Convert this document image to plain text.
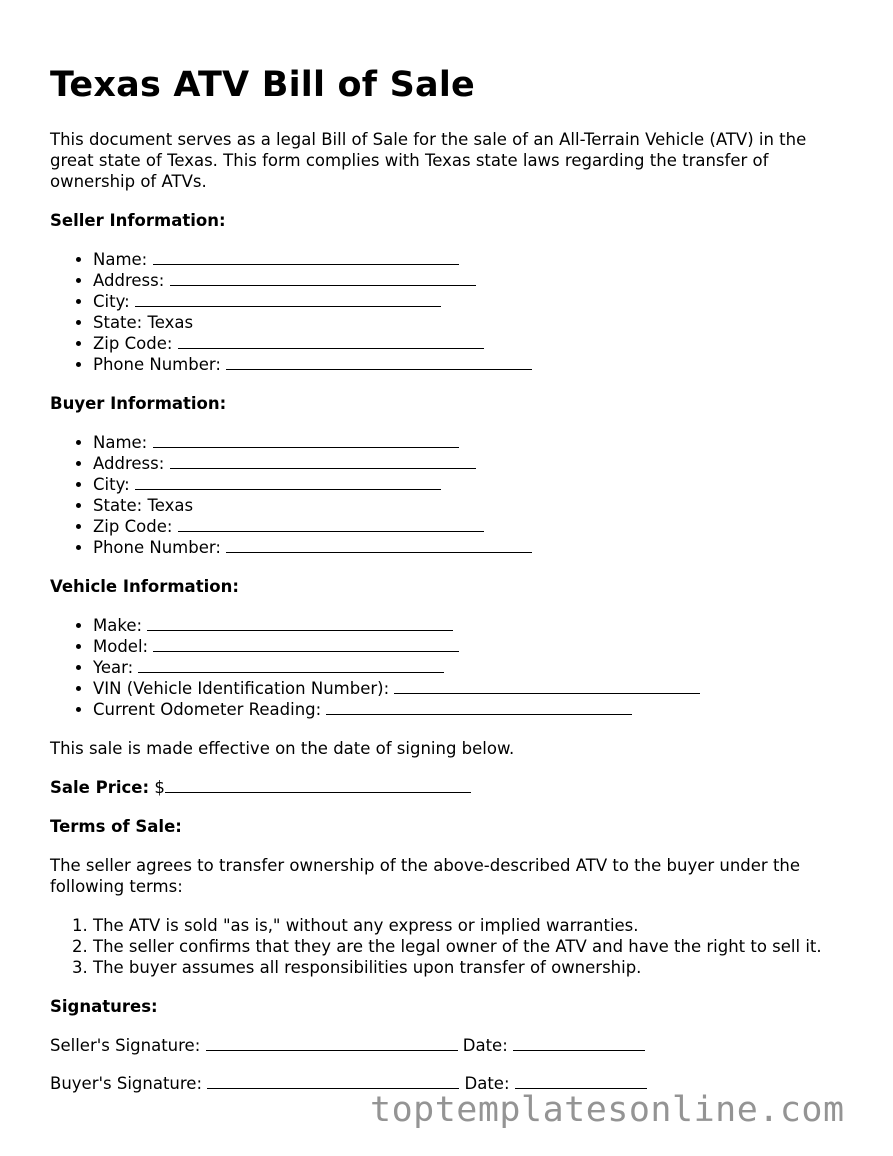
Texas ATV Bill of Sale

This document serves as a legal Bill of Sale for the sale of an All-Terrain Vehicle (ATV) in the great state of Texas. This form complies with Texas state laws regarding the transfer of ownership of ATVs.

Seller Information:

• Name:
• Address:
• City:
• State: Texas
• Zip Code:
• Phone Number:

Buyer Information:

• Name:
• Address:
• City:
• State: Texas
• Zip Code:
• Phone Number:

Vehicle Information:

• Make:
• Model:
• Year:
• VIN (Vehicle Identification Number):
• Current Odometer Reading:

This sale is made effective on the date of signing below.

Sale Price: $

Terms of Sale:

The seller agrees to transfer ownership of the above-described ATV to the buyer under the following terms:

1. The ATV is sold "as is," without any express or implied warranties.
2. The seller confirms that they are the legal owner of the ATV and have the right to sell it.
3. The buyer assumes all responsibilities upon transfer of ownership.

Signatures:

Seller's Signature:	Date:

Buyer's Signature:	Date:

toptemplatesonline.com
